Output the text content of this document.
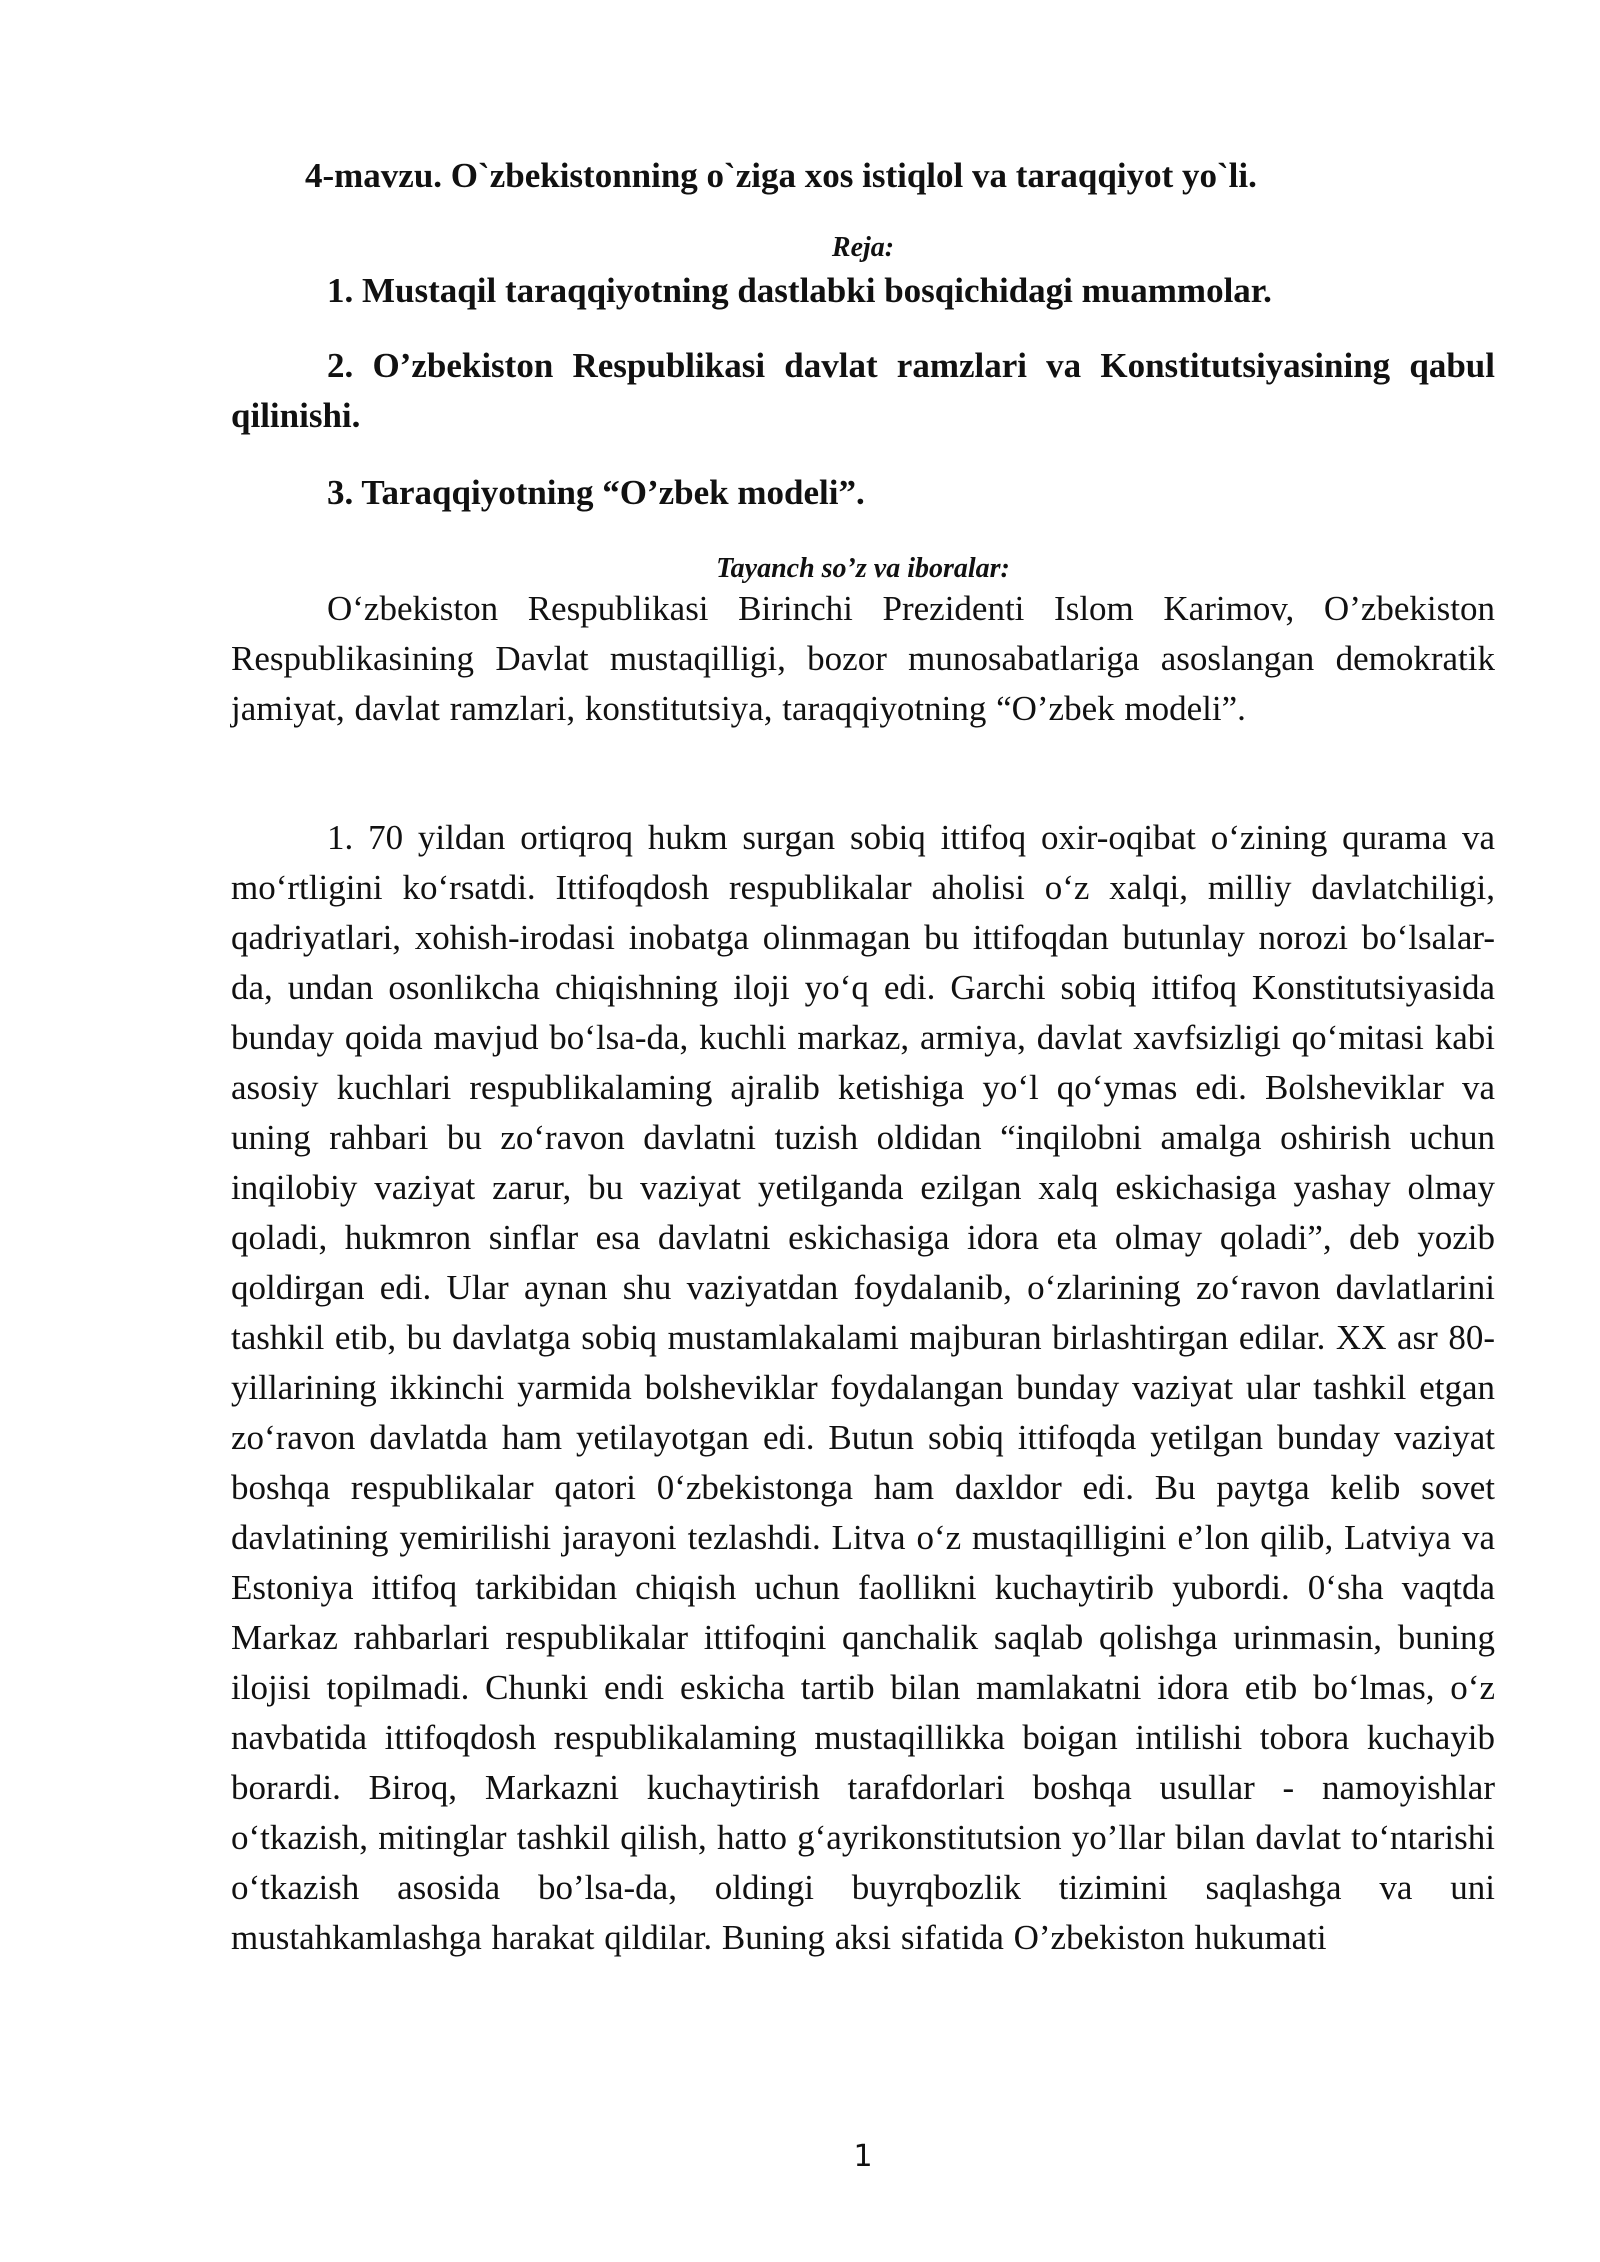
4-mavzu. O`zbekistonning o`ziga xos istiqlol va taraqqiyot yo`li.
Reja:
1. Mustaqil taraqqiyotning dastlabki bosqichidagi muammolar.
2. O’zbekiston Respublikasi davlat ramzlari va Konstitutsiyasining qabul qilinishi.
3. Taraqqiyotning “O’zbek modeli”.
Tayanch so’z va iboralar:
O‘zbekiston Respublikasi Birinchi Prezidenti Islom Karimov, O’zbekiston Respublikasining Davlat mustaqilligi, bozor munosabatlariga asoslangan demokratik jamiyat, davlat ramzlari, konstitutsiya, taraqqiyotning “O’zbek modeli”.
1. 70 yildan ortiqroq hukm surgan sobiq ittifoq oxir-oqibat o‘zining qurama va mo‘rtligini ko‘rsatdi. Ittifoqdosh respublikalar aholisi o‘z xalqi, milliy davlatchiligi, qadriyatlari, xohish-irodasi inobatga olinmagan bu ittifoqdan butunlay norozi bo‘lsalar-da, undan osonlikcha chiqishning iloji yo‘q edi. Garchi sobiq ittifoq Konstitutsiyasida bunday qoida mavjud bo‘lsa-da, kuchli markaz, armiya, davlat xavfsizligi qo‘mitasi kabi asosiy kuchlari respublikalaming ajralib ketishiga yo‘l qo‘ymas edi. Bolsheviklar va uning rahbari bu zo‘ravon davlatni tuzish oldidan “inqilobni amalga oshirish uchun inqilobiy vaziyat zarur, bu vaziyat yetilganda ezilgan xalq eskichasiga yashay olmay qoladi, hukmron sinflar esa davlatni eskichasiga idora eta olmay qoladi”, deb yozib qoldirgan edi. Ular aynan shu vaziyatdan foydalanib, o‘zlarining zo‘ravon davlatlarini tashkil etib, bu davlatga sobiq mustamlakalami majburan birlashtirgan edilar. XX asr 80-yillarining ikkinchi yarmida bolsheviklar foydalangan bunday vaziyat ular tashkil etgan zo‘ravon davlatda ham yetilayotgan edi. Butun sobiq ittifoqda yetilgan bunday vaziyat boshqa respublikalar qatori 0‘zbekistonga ham daxldor edi. Bu paytga kelib sovet davlatining yemirilishi jarayoni tezlashdi. Litva o‘z mustaqilligini e’lon qilib, Latviya va Estoniya ittifoq tarkibidan chiqish uchun faollikni kuchaytirib yubordi. 0‘sha vaqtda Markaz rahbarlari respublikalar ittifoqini qanchalik saqlab qolishga urinmasin, buning ilojisi topilmadi. Chunki endi eskicha tartib bilan mamlakatni idora etib bo‘lmas, o‘z navbatida ittifoqdosh respublikalaming mustaqillikka boigan intilishi tobora kuchayib borardi. Biroq, Markazni kuchaytirish tarafdorlari boshqa usullar - namoyishlar o‘tkazish, mitinglar tashkil qilish, hatto g‘ayrikonstitutsion yo’llar bilan davlat to‘ntarishi o‘tkazish asosida bo’lsa-da, oldingi buyrqbozlik tizimini saqlashga va uni mustahkamlashga harakat qildilar. Buning aksi sifatida O’zbekiston hukumati
1
